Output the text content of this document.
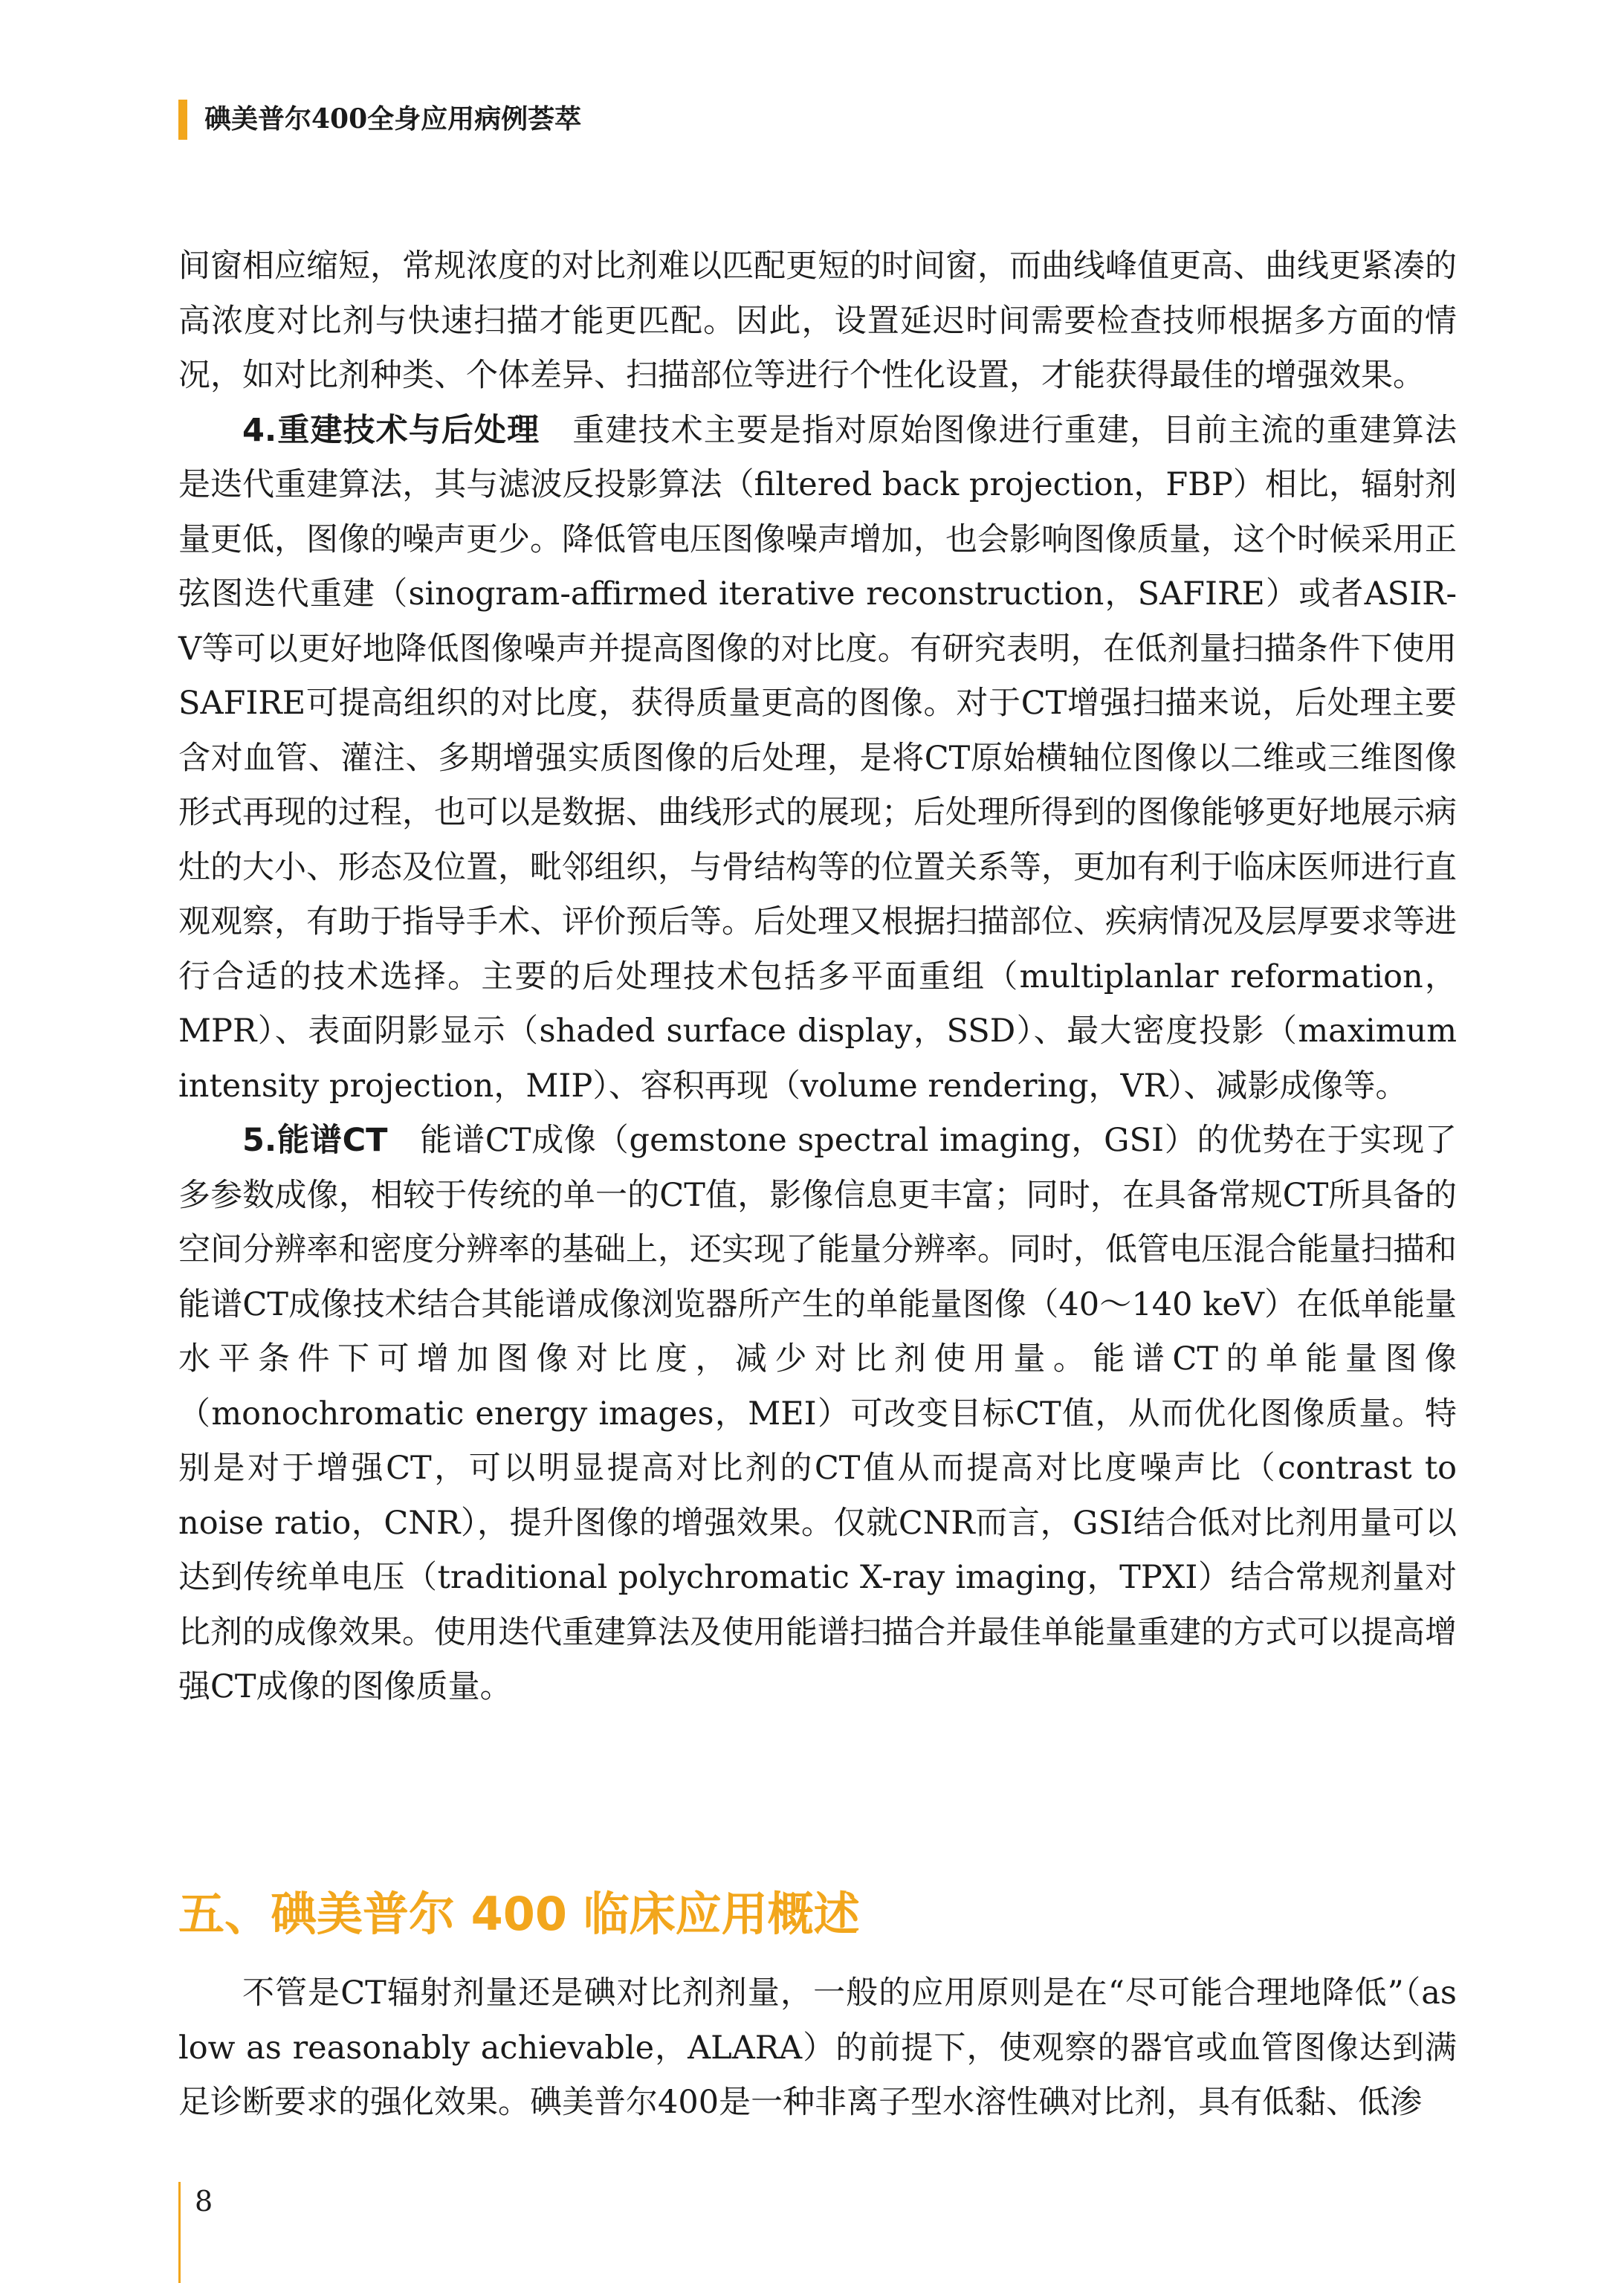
碘美普尔400全身应用病例荟萃

间窗相应缩短，常规浓度的对比剂难以匹配更短的时间窗，而曲线峰值更高、曲线更紧凑的高浓度对比剂与快速扫描才能更匹配。因此，设置延迟时间需要检查技师根据多方面的情况，如对比剂种类、个体差异、扫描部位等进行个性化设置，才能获得最佳的增强效果。

4.重建技术与后处理  重建技术主要是指对原始图像进行重建，目前主流的重建算法是迭代重建算法，其与滤波反投影算法（filtered back projection，FBP）相比，辐射剂量更低，图像的噪声更少。降低管电压图像噪声增加，也会影响图像质量，这个时候采用正弦图迭代重建（sinogram-affirmed iterative reconstruction，SAFIRE）或者ASIR-V等可以更好地降低图像噪声并提高图像的对比度。有研究表明，在低剂量扫描条件下使用SAFIRE可提高组织的对比度，获得质量更高的图像。对于CT增强扫描来说，后处理主要含对血管、灌注、多期增强实质图像的后处理，是将CT原始横轴位图像以二维或三维图像形式再现的过程，也可以是数据、曲线形式的展现；后处理所得到的图像能够更好地展示病灶的大小、形态及位置，毗邻组织，与骨结构等的位置关系等，更加有利于临床医师进行直观观察，有助于指导手术、评价预后等。后处理又根据扫描部位、疾病情况及层厚要求等进行合适的技术选择。主要的后处理技术包括多平面重组（multiplanlar reformation，MPR）、表面阴影显示（shaded surface display，SSD）、最大密度投影（maximum intensity projection，MIP）、容积再现（volume rendering，VR）、减影成像等。

5.能谱CT  能谱CT成像（gemstone spectral imaging，GSI）的优势在于实现了多参数成像，相较于传统的单一的CT值，影像信息更丰富；同时，在具备常规CT所具备的空间分辨率和密度分辨率的基础上，还实现了能量分辨率。同时，低管电压混合能量扫描和能谱CT成像技术结合其能谱成像浏览器所产生的单能量图像（40～140 keV）在低单能量水平条件下可增加图像对比度，减少对比剂使用量。能谱CT的单能量图像（monochromatic energy images，MEI）可改变目标CT值，从而优化图像质量。特别是对于增强CT，可以明显提高对比剂的CT值从而提高对比度噪声比（contrast to noise ratio，CNR），提升图像的增强效果。仅就CNR而言，GSI结合低对比剂用量可以达到传统单电压（traditional polychromatic X-ray imaging，TPXI）结合常规剂量对比剂的成像效果。使用迭代重建算法及使用能谱扫描合并最佳单能量重建的方式可以提高增强CT成像的图像质量。

五、碘美普尔 400 临床应用概述

不管是CT辐射剂量还是碘对比剂剂量，一般的应用原则是在“尽可能合理地降低”（as low as reasonably achievable，ALARA）的前提下，使观察的器官或血管图像达到满足诊断要求的强化效果。碘美普尔400是一种非离子型水溶性碘对比剂，具有低黏、低渗

8
